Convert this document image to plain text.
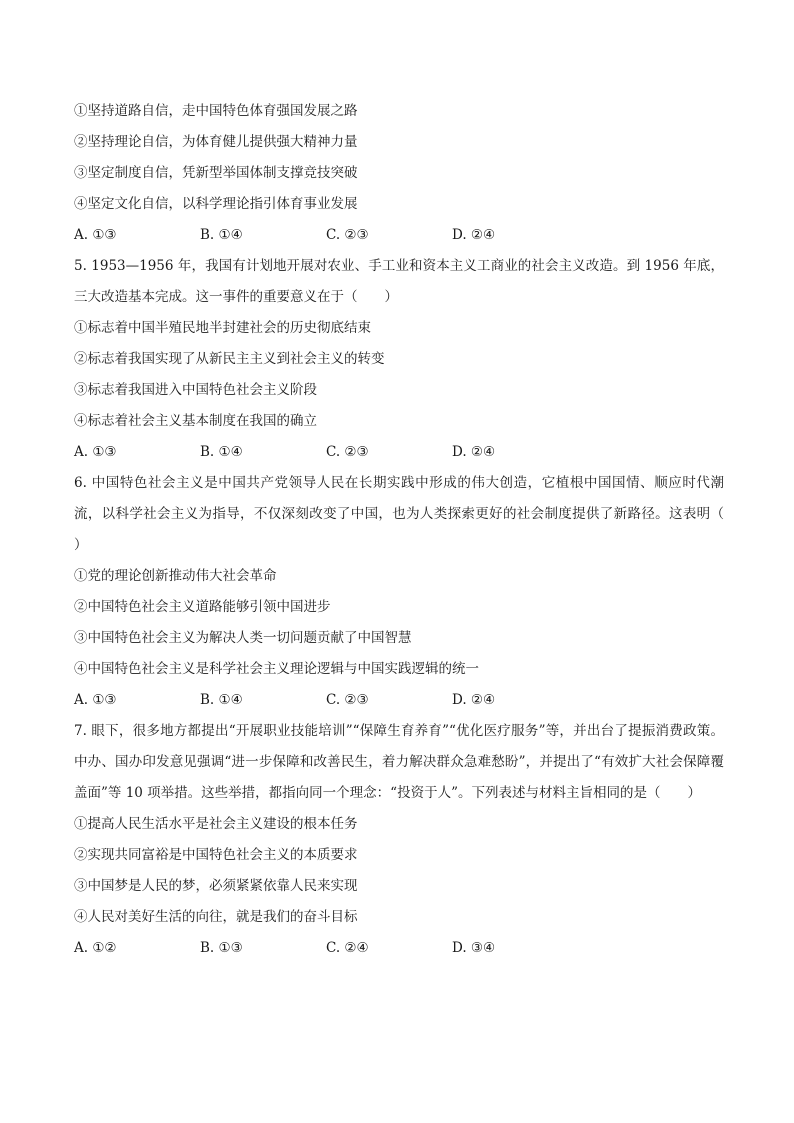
①坚持道路自信，走中国特色体育强国发展之路
②坚持理论自信，为体育健儿提供强大精神力量
③坚定制度自信，凭新型举国体制支撑竞技突破
④坚定文化自信，以科学理论指引体育事业发展
A. ①③	B. ①④	C. ②③	D. ②④
5. 1953—1956 年，我国有计划地开展对农业、手工业和资本主义工商业的社会主义改造。到 1956 年底，三大改造基本完成。这一事件的重要意义在于（　　）
①标志着中国半殖民地半封建社会的历史彻底结束
②标志着我国实现了从新民主主义到社会主义的转变
③标志着我国进入中国特色社会主义阶段
④标志着社会主义基本制度在我国的确立
A. ①③	B. ①④	C. ②③	D. ②④
6. 中国特色社会主义是中国共产党领导人民在长期实践中形成的伟大创造，它植根中国国情、顺应时代潮流，以科学社会主义为指导，不仅深刻改变了中国，也为人类探索更好的社会制度提供了新路径。这表明（　　）
①党的理论创新推动伟大社会革命
②中国特色社会主义道路能够引领中国进步
③中国特色社会主义为解决人类一切问题贡献了中国智慧
④中国特色社会主义是科学社会主义理论逻辑与中国实践逻辑的统一
A. ①③	B. ①④	C. ②③	D. ②④
7. 眼下，很多地方都提出“开展职业技能培训”“保障生育养育”“优化医疗服务”等，并出台了提振消费政策。中办、国办印发意见强调“进一步保障和改善民生，着力解决群众急难愁盼”，并提出了“有效扩大社会保障覆盖面”等 10 项举措。这些举措，都指向同一个理念：“投资于人”。下列表述与材料主旨相同的是（　　）
①提高人民生活水平是社会主义建设的根本任务
②实现共同富裕是中国特色社会主义的本质要求
③中国梦是人民的梦，必须紧紧依靠人民来实现
④人民对美好生活的向往，就是我们的奋斗目标
A. ①②	B. ①③	C. ②④	D. ③④
